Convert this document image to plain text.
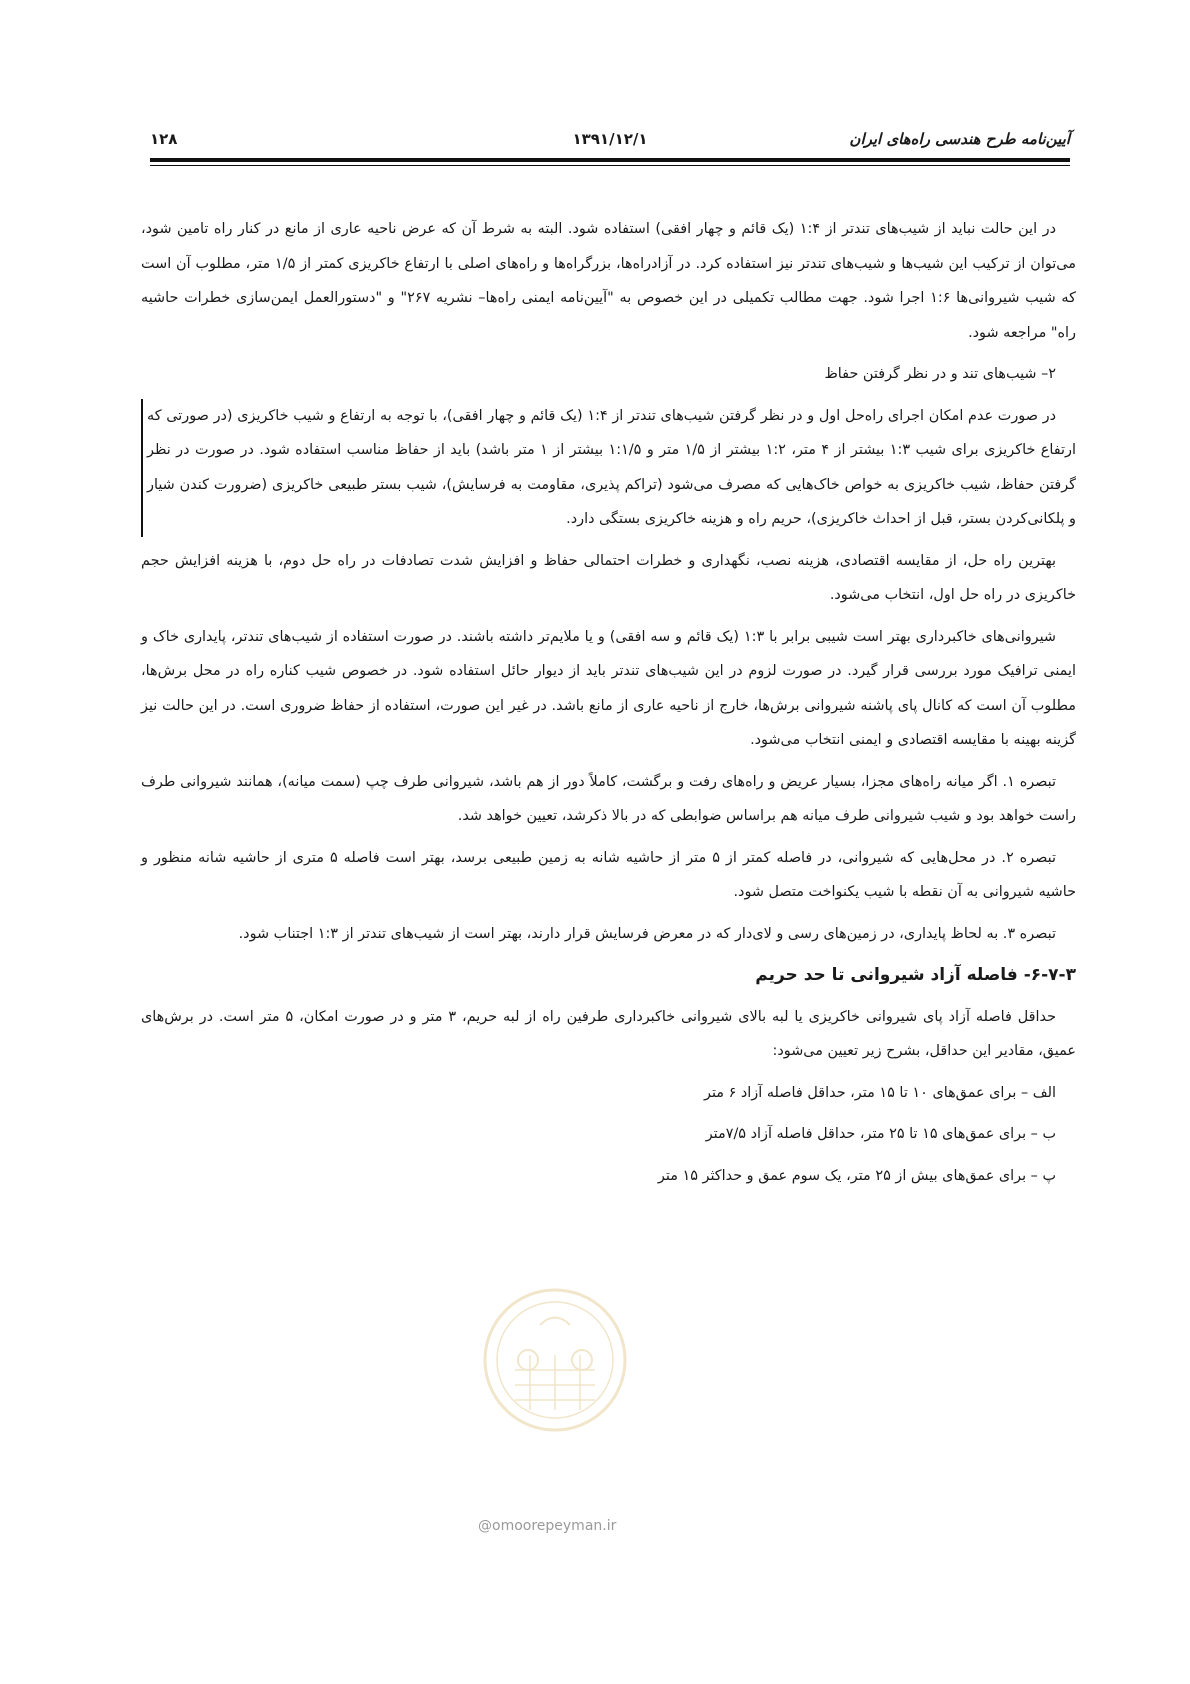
۱۲۸	۱۳۹۱/۱۲/۱	آیین‌نامه طرح هندسی راه‌های ایران

در این حالت نباید از شیب‌های تندتر از ۱:۴ (یک قائم و چهار افقی) استفاده شود. البته به شرط آن که عرض ناحیه عاری از مانع در کنار راه تامین شود، می‌توان از ترکیب این شیب‌ها و شیب‌های تندتر نیز استفاده کرد. در آزادراه‌ها، بزرگراه‌ها و راه‌های اصلی با ارتفاع خاکریزی کمتر از ۱/۵ متر، مطلوب آن است که شیب شیروانی‌ها ۱:۶ اجرا شود. جهت مطالب تکمیلی در این خصوص به "آیین‌نامه ایمنی راه‌ها– نشریه ۲۶۷" و "دستورالعمل ایمن‌سازی خطرات حاشیه راه" مراجعه شود.

۲– شیب‌های تند و در نظر گرفتن حفاظ

در صورت عدم امکان اجرای راه‌حل اول و در نظر گرفتن شیب‌های تندتر از ۱:۴ (یک قائم و چهار افقی)، با توجه به ارتفاع و شیب خاکریزی (در صورتی که ارتفاع خاکریزی برای شیب ۱:۳ بیشتر از ۴ متر، ۱:۲ بیشتر از ۱/۵ متر و ۱:۱/۵ بیشتر از ۱ متر باشد) باید از حفاظ مناسب استفاده شود. در صورت در نظر گرفتن حفاظ، شیب خاکریزی به خواص خاک‌هایی که مصرف می‌شود (تراکم پذیری، مقاومت به فرسایش)، شیب بستر طبیعی خاکریزی (ضرورت کندن شیار و پلکانی‌کردن بستر، قبل از احداث خاکریزی)، حریم راه و هزینه خاکریزی بستگی دارد.

بهترین راه حل، از مقایسه اقتصادی، هزینه نصب، نگهداری و خطرات احتمالی حفاظ و افزایش شدت تصادفات در راه حل دوم، با هزینه افزایش حجم خاکریزی در راه حل اول، انتخاب می‌شود.

شیروانی‌های خاکبرداری بهتر است شیبی برابر با ۱:۳ (یک قائم و سه افقی) و یا ملایم‌تر داشته باشند. در صورت استفاده از شیب‌های تندتر، پایداری خاک و ایمنی ترافیک مورد بررسی قرار گیرد. در صورت لزوم در این شیب‌های تندتر باید از دیوار حائل استفاده شود. در خصوص شیب کناره راه در محل برش‌ها، مطلوب آن است که کانال پای پاشنه شیروانی برش‌ها، خارج از ناحیه عاری از مانع باشد. در غیر این صورت، استفاده از حفاظ ضروری است. در این حالت نیز گزینه بهینه با مقایسه اقتصادی و ایمنی انتخاب می‌شود.

تبصره ۱. اگر میانه راه‌های مجزا، بسیار عریض و راه‌های رفت و برگشت، کاملاً دور از هم باشد، شیروانی طرف چپ (سمت میانه)، همانند شیروانی طرف راست خواهد بود و شیب شیروانی طرف میانه هم براساس ضوابطی که در بالا ذکرشد، تعیین خواهد شد.

تبصره ۲. در محل‌هایی که شیروانی، در فاصله کمتر از ۵ متر از حاشیه شانه به زمین طبیعی برسد، بهتر است فاصله ۵ متری از حاشیه شانه منظور و حاشیه شیروانی به آن نقطه با شیب یکنواخت متصل شود.

تبصره ۳. به لحاظ پایداری، در زمین‌های رسی و لای‌دار که در معرض فرسایش قرار دارند، بهتر است از شیب‌های تندتر از ۱:۳ اجتناب شود.

۶-۷-۳- فاصله آزاد شیروانی تا حد حریم

حداقل فاصله آزاد پای شیروانی خاکریزی یا لبه بالای شیروانی خاکبرداری طرفین راه از لبه حریم، ۳ متر و در صورت امکان، ۵ متر است. در برش‌های عمیق، مقادیر این حداقل، بشرح زیر تعیین می‌شود:

الف – برای عمق‌های ۱۰ تا ۱۵ متر، حداقل فاصله آزاد ۶ متر

ب – برای عمق‌های ۱۵ تا ۲۵ متر، حداقل فاصله آزاد ۷/۵متر

پ – برای عمق‌های بیش از ۲۵ متر، یک سوم عمق و حداکثر ۱۵ متر

@omoorepeyman.ir
